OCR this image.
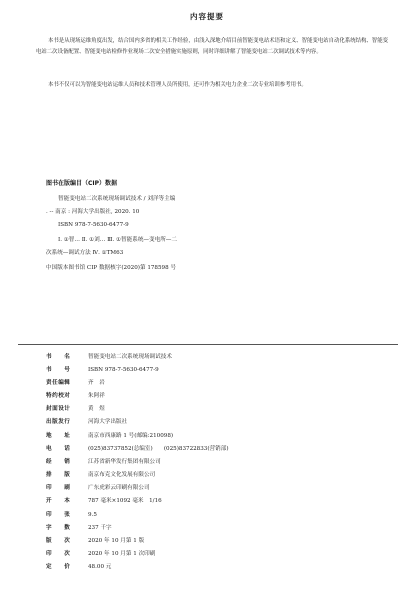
内容提要
本书是从现场运维角度出发，结合国内多省的相关工作经验，由浅入深地介绍目前智能变电站术语和定义、智能变电站自动化系统结构、智能变电站二次设备配置、智能变电站检修作业现场二次安全措施实施原则，同时详细讲解了智能变电站二次调试技术等内容。
本书不仅可以为智能变电站运维人员和技术管理人员所使用，还可作为相关电力企业二次专业培训参考用书。
图书在版编目（CIP）数据
智能变电站二次系统现场调试技术 / 刘洋等主编
. -- 南京 : 河海大学出版社, 2020. 10
ISBN 978-7-5630-6477-9
Ⅰ. ①智… Ⅱ. ①刘… Ⅲ. ①智能系统—变电所—二
次系统—调试方法 Ⅳ. ①TM63
中国版本图书馆 CIP 数据核字(2020)第 178598 号
书　　名	智能变电站二次系统现场调试技术
书　　号	ISBN 978-7-5630-6477-9
责任编辑	齐　岩
特约校对	朱阿祥
封面设计	黄　煜
出版发行	河海大学出版社
地　　址	南京市西康路 1 号(邮编:210098)
电　　话	(025)83737852(总编室)　　(025)83722833(营销部)
经　　销	江苏省新华发行集团有限公司
排　　版	南京布克文化发展有限公司
印　　刷	广东虎彩云印刷有限公司
开　　本	787 毫米×1092 毫米　1/16
印　　张	9.5
字　　数	237 千字
版　　次	2020 年 10 月第 1 版
印　　次	2020 年 10 月第 1 次印刷
定　　价	48.00 元
